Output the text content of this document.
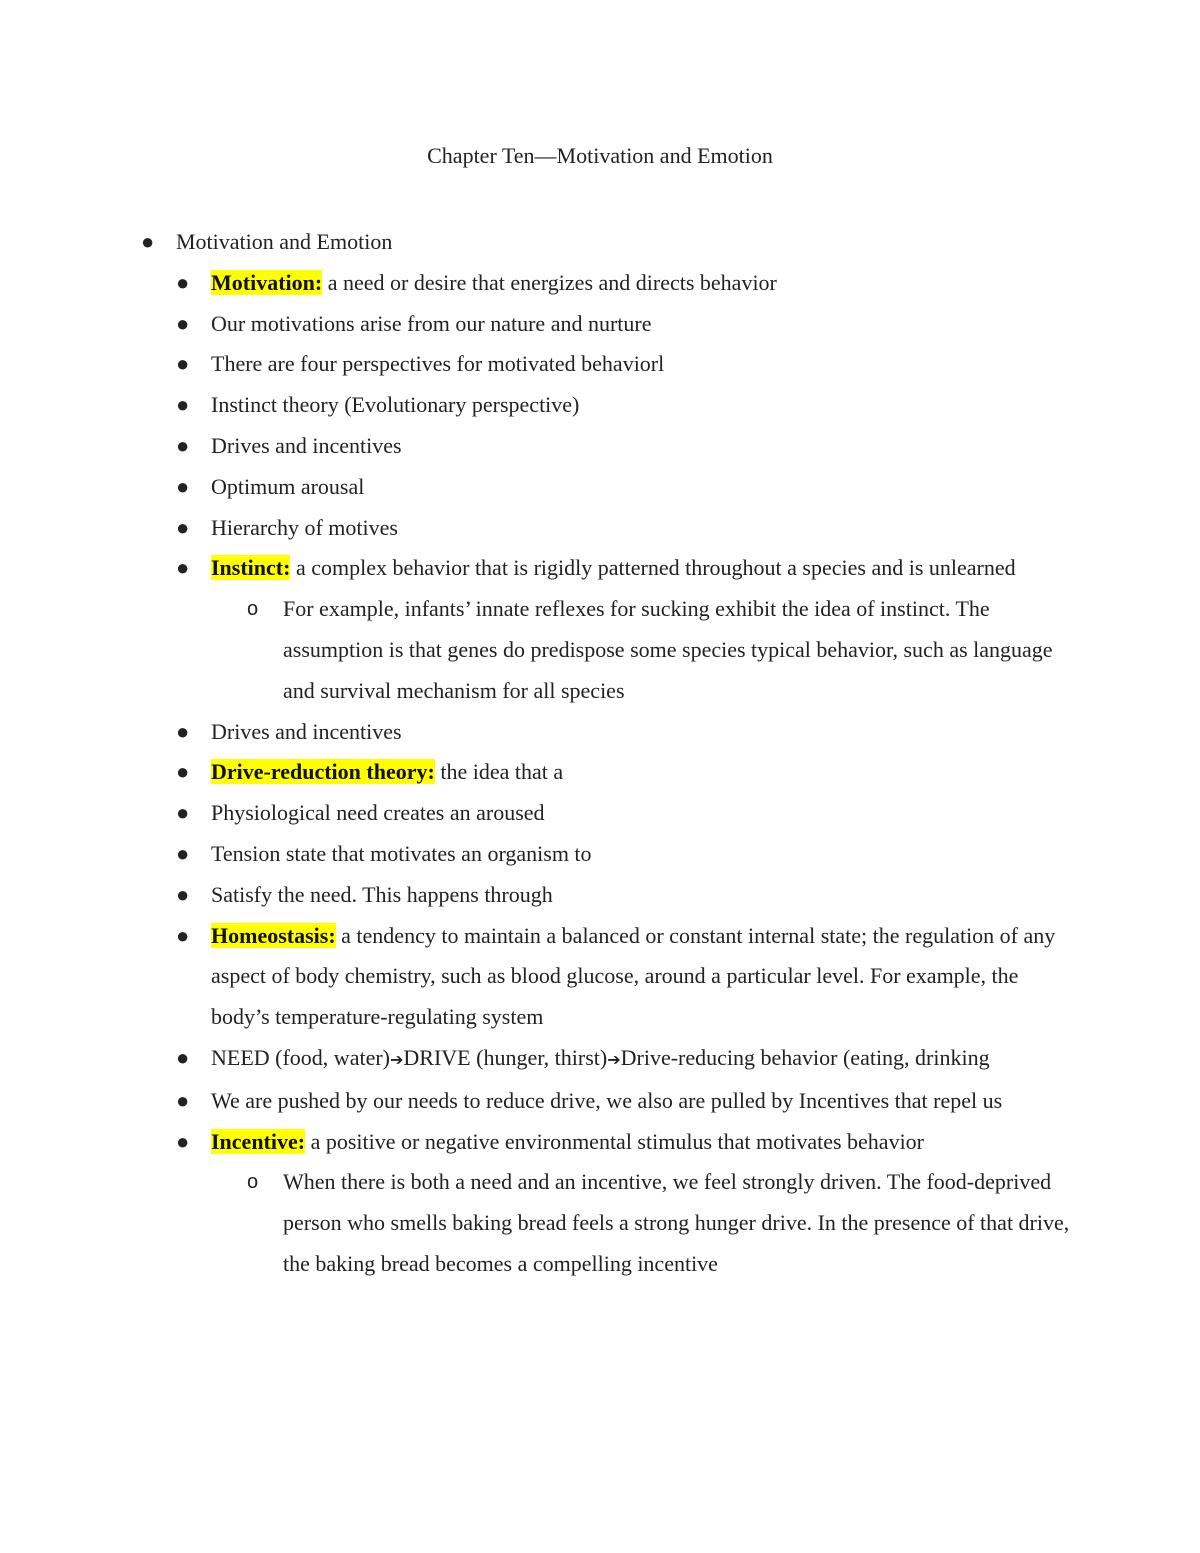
Chapter Ten—Motivation and Emotion
● Motivation and Emotion
● Motivation: a need or desire that energizes and directs behavior
● Our motivations arise from our nature and nurture
● There are four perspectives for motivated behaviorl
● Instinct theory (Evolutionary perspective)
● Drives and incentives
● Optimum arousal
● Hierarchy of motives
● Instinct: a complex behavior that is rigidly patterned throughout a species and is unlearned
o For example, infants’ innate reflexes for sucking exhibit the idea of instinct. The assumption is that genes do predispose some species typical behavior, such as language and survival mechanism for all species
● Drives and incentives
● Drive-reduction theory: the idea that a
● Physiological need creates an aroused
● Tension state that motivates an organism to
● Satisfy the need. This happens through
● Homeostasis: a tendency to maintain a balanced or constant internal state; the regulation of any aspect of body chemistry, such as blood glucose, around a particular level. For example, the body’s temperature-regulating system
● NEED (food, water)➔DRIVE (hunger, thirst)➔Drive-reducing behavior (eating, drinking
● We are pushed by our needs to reduce drive, we also are pulled by Incentives that repel us
● Incentive: a positive or negative environmental stimulus that motivates behavior
o When there is both a need and an incentive, we feel strongly driven. The food-deprived person who smells baking bread feels a strong hunger drive. In the presence of that drive, the baking bread becomes a compelling incentive
